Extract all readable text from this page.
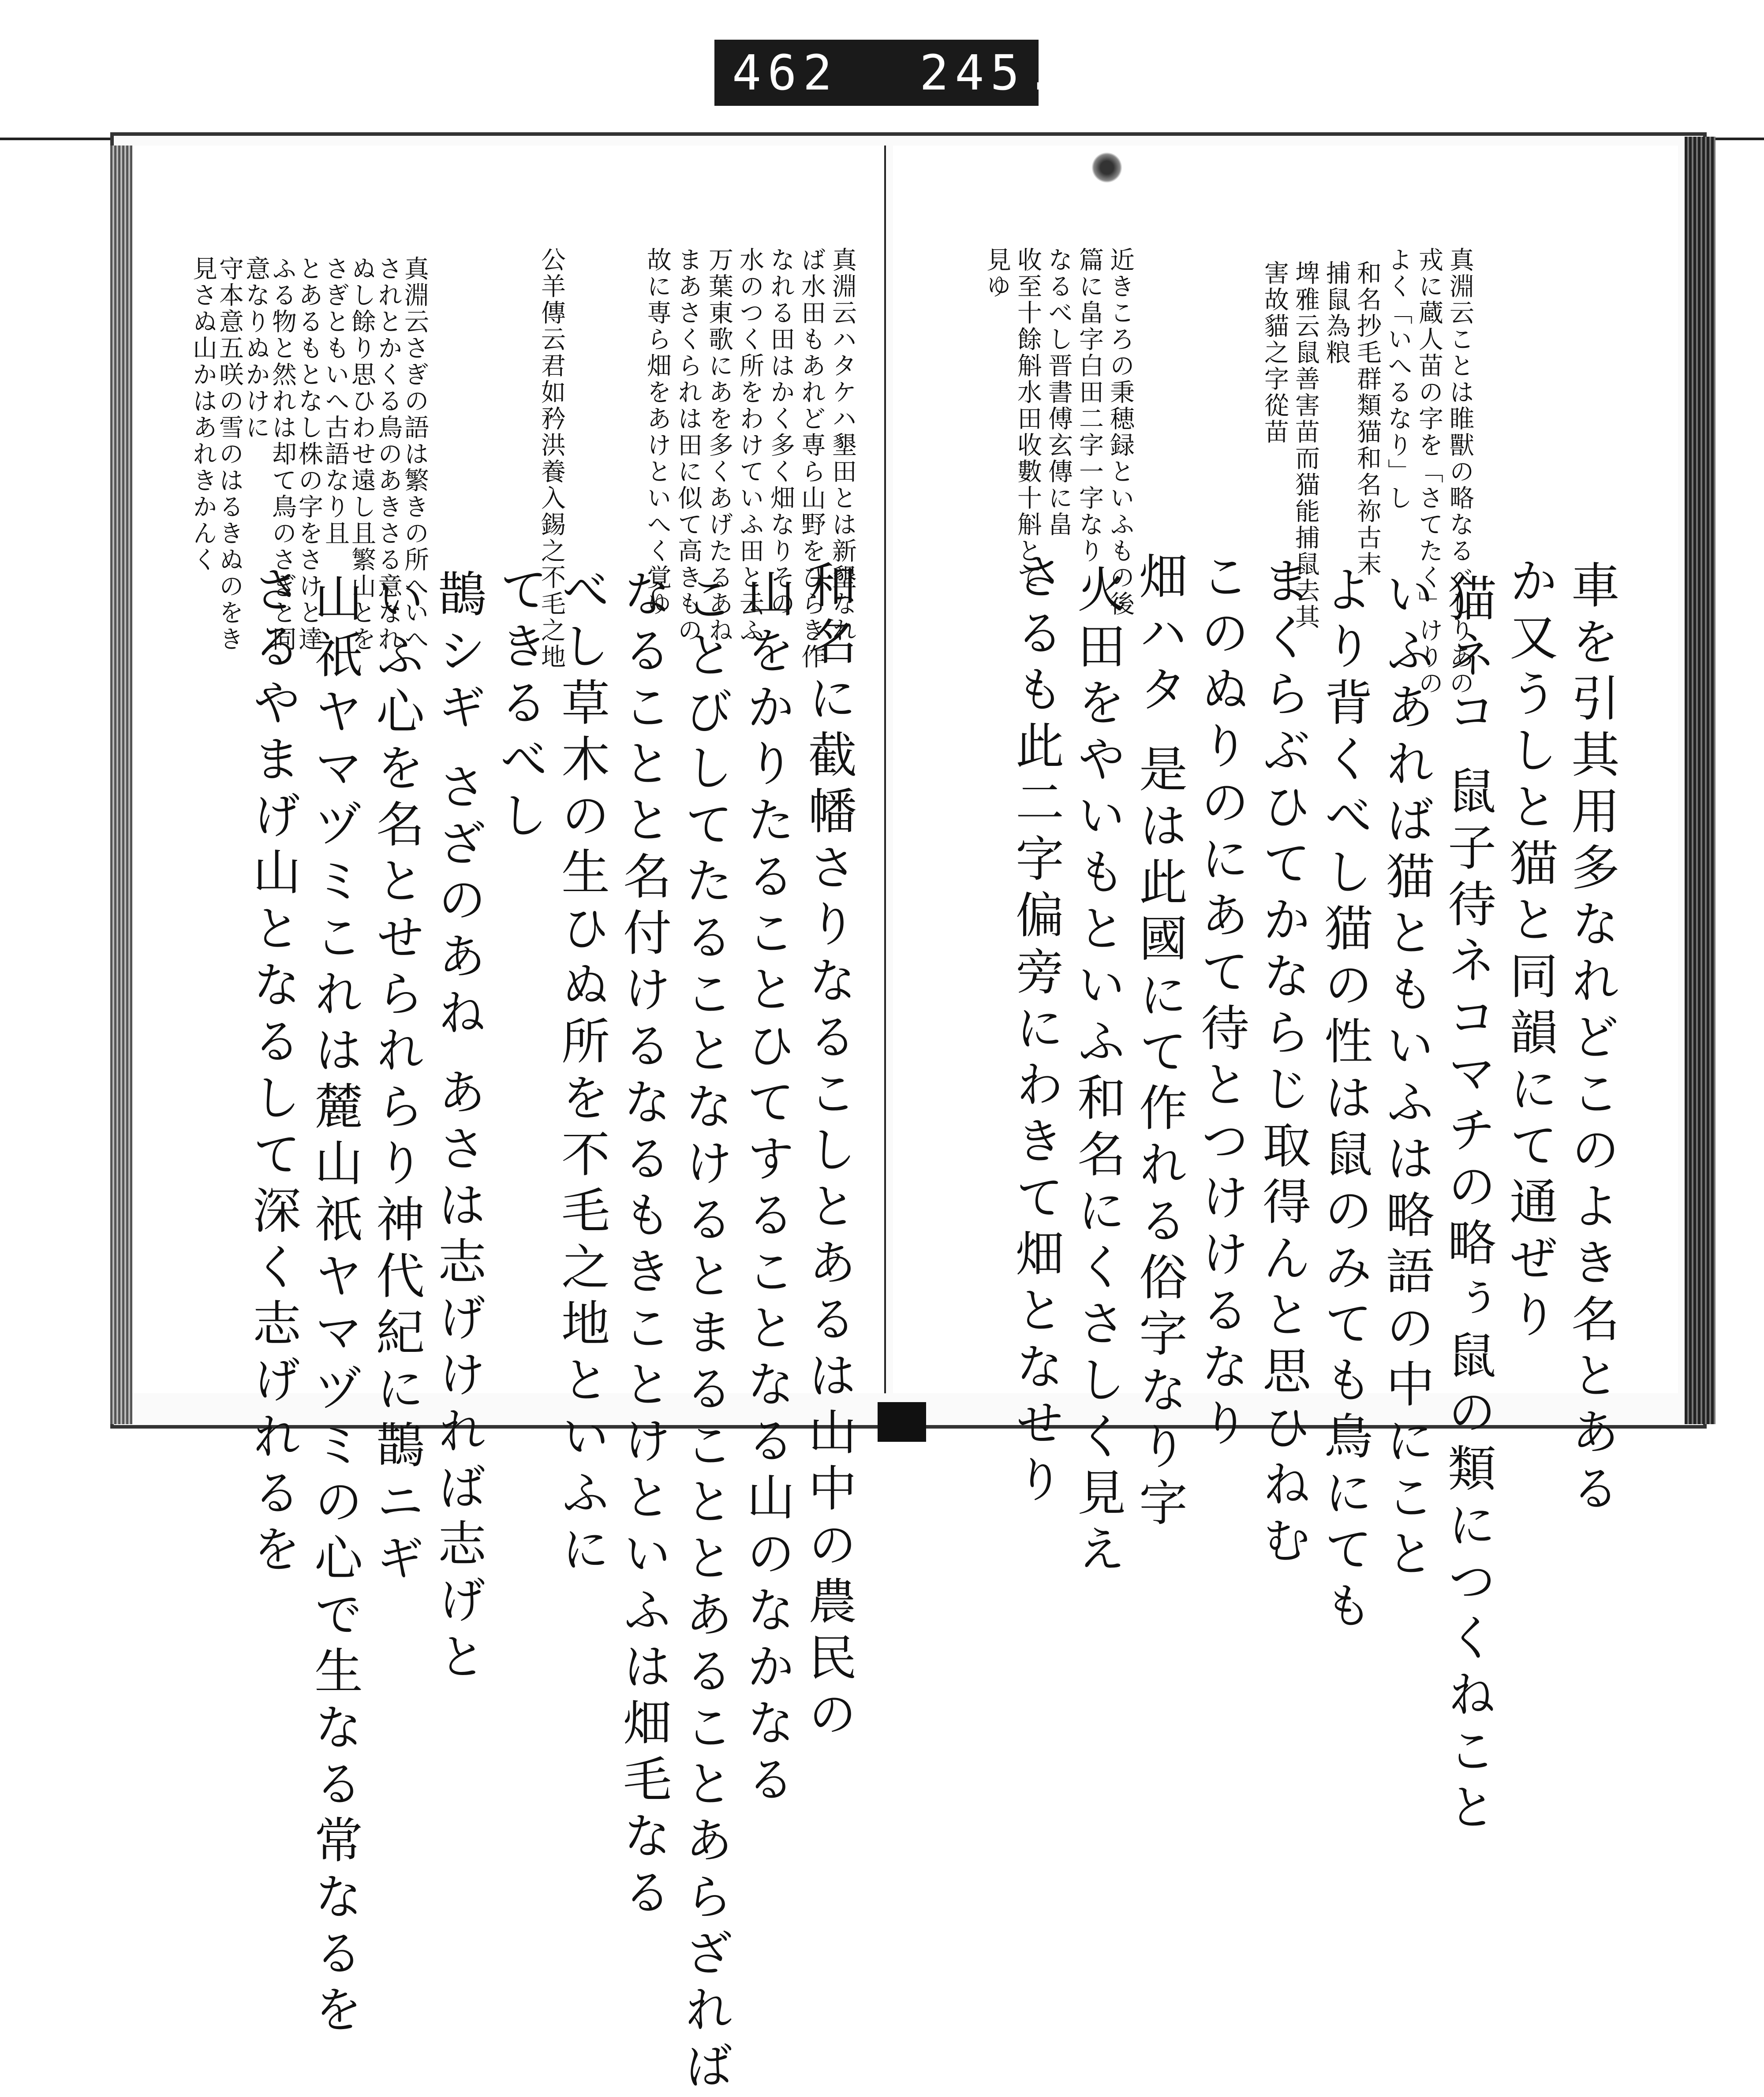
462 245.
真淵云ことは睢獸の略なるべしりあの
戎に蔵人苗の字を「さてたく」けりの
よく「いへるなり」し
和名抄毛群類猫和名祢古末
捕鼠為粮
埤雅云鼠善害苗而猫能捕鼠去其
害故貓之字從苗
近きころの秉穂録といふもの後
篇に畠字白田二字一字なり
なるべし晋書傅玄傳に畠
收至十餘斛水田收數十斛とて
見ゆ
車を引其用多なれどこのよき名とある
か又うしと猫と同韻にて通ぜり
猫ネコ 鼠子待ネコマチの略ぅ鼠の類につくねこと
いふあれば猫ともいふは略語の中にこと
より背くべし猫の性は鼠のみても鳥にても
まくらぶひてかならじ取得んと思ひねむ
このぬりのにあて待とつけけるなり
畑ハタ 是は此國にて作れる俗字なり字
火田をやいもといふ和名にくさしく見え
さるも此二字偏旁にわきて畑となせり
真淵云ハタケハ墾田とは新墾なれ
ば水田もあれど専ら山野をひらき作
なれる田はかく多く畑なりその
水のつく所をわけていふ田と云ふ
万葉東歌にあを多くあげたるあね
まあさくられは田に似て高きもの
故に専ら畑をあけといへく覚ゆ
公羊傳云君如矜洪養入錫之不毛之地
真淵云さぎの語は繁きの所へいへ
されとかくる鳥のあきさる意なれ
ぬし餘り思ひわせ遠し且繁山とを
さぎともいへ古語なり且
とあるもとなし株の字をさけと達
ふる物と然れは却て鳥のさぎと同
意なりぬかけに
守本意五咲の雪のはるきぬのをき
見さぬ山かはあれきかんく
和名に截幡さりなるこしとあるは山中の農民の
山をかりたることひてすることなる山のなかなる
ことびしてたることなけるとまることとあることあらざれば
なることと名付けるなるもきことけといふは畑毛なる
べし草木の生ひぬ所を不毛之地といふに
てきるべし
鵲シギ さざのあね あさは志げければ志げと
いふ心を名とせられらり神代紀に鵲ニギ
山祇ヤマヅミこれは麓山祇ヤマヅミの心で生なる常なるを
さるやまげ山となるして深く志げれるを
